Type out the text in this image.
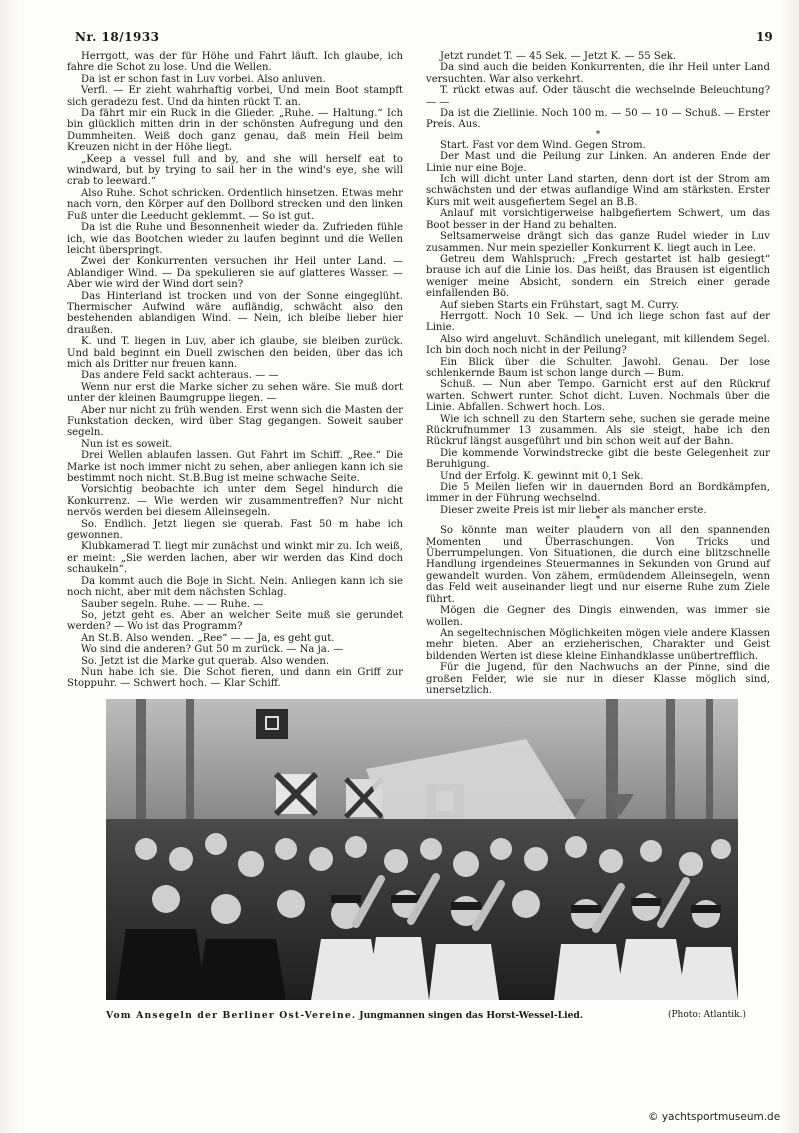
Nr. 18/1933	19

Herrgott, was der für Höhe und Fahrt läuft. Ich glaube, ich fahre die Schot zu lose. Und die Wellen.

Da ist er schon fast in Luv vorbei. Also anluven.

Verfl. — Er zieht wahrhaftig vorbei, Und mein Boot stampft sich geradezu fest. Und da hinten rückt T. an.

Da fährt mir ein Ruck in die Glieder. „Ruhe. — Haltung.“ Ich bin glücklich mitten drin in der schönsten Aufregung und den Dummheiten. Weiß doch ganz genau, daß mein Heil beim Kreuzen nicht in der Höhe liegt.

„Keep a vessel full and by, and she will herself eat to windward, but by trying to sail her in the wind's eye, she will crab to leeward.“

Also Ruhe. Schot schricken. Ordentlich hinsetzen. Etwas mehr nach vorn, den Körper auf den Dollbord strecken und den linken Fuß unter die Leeducht geklemmt. — So ist gut.

Da ist die Ruhe und Besonnenheit wieder da. Zufrieden fühle ich, wie das Bootchen wieder zu laufen beginnt und die Wellen leicht überspringt.

Zwei der Konkurrenten versuchen ihr Heil unter Land. — Ablandiger Wind. — Da spekulieren sie auf glatteres Wasser. — Aber wie wird der Wind dort sein?

Das Hinterland ist trocken und von der Sonne eingeglüht. Thermischer Aufwind wäre aufländig, schwächt also den bestehenden ablandigen Wind. — Nein, ich bleibe lieber hier draußen.

K. und T. liegen in Luv, aber ich glaube, sie bleiben zurück. Und bald beginnt ein Duell zwischen den beiden, über das ich mich als Dritter nur freuen kann.

Das andere Feld sackt achteraus. — —

Wenn nur erst die Marke sicher zu sehen wäre. Sie muß dort unter der kleinen Baumgruppe liegen. —

Aber nur nicht zu früh wenden. Erst wenn sich die Masten der Funkstation decken, wird über Stag gegangen. Soweit sauber segeln.

Nun ist es soweit.

Drei Wellen ablaufen lassen. Gut Fahrt im Schiff. „Ree.“ Die Marke ist noch immer nicht zu sehen, aber anliegen kann ich sie bestimmt noch nicht. St.B.Bug ist meine schwache Seite.

Vorsichtig beobachte ich unter dem Segel hindurch die Konkurrenz. — Wie werden wir zusammentreffen? Nur nicht nervös werden bei diesem Alleinsegeln.

So. Endlich. Jetzt liegen sie querab. Fast 50 m habe ich gewonnen.

Klubkamerad T. liegt mir zunächst und winkt mir zu. Ich weiß, er meint: „Sie werden lachen, aber wir werden das Kind doch schaukeln“.

Da kommt auch die Boje in Sicht. Nein. Anliegen kann ich sie noch nicht, aber mit dem nächsten Schlag.

Sauber segeln. Ruhe. — — Ruhe. —

So, jetzt geht es. Aber an welcher Seite muß sie gerundet werden? — Wo ist das Programm?

An St.B. Also wenden. „Ree“ — — Ja, es geht gut.

Wo sind die anderen? Gut 50 m zurück. — Na ja. —

So. Jetzt ist die Marke gut querab. Also wenden.

Nun habe ich sie. Die Schot fieren, und dann ein Griff zur Stoppuhr. — Schwert hoch. — Klar Schiff.

Jetzt rundet T. — 45 Sek. — Jetzt K. — 55 Sek.

Da sind auch die beiden Konkurrenten, die ihr Heil unter Land versuchten. War also verkehrt.

T. rückt etwas auf. Oder täuscht die wechselnde Beleuchtung? — —

Da ist die Ziellinie. Noch 100 m. — 50 — 10 — Schuß. — Erster Preis. Aus.

*

Start. Fast vor dem Wind. Gegen Strom.

Der Mast und die Peilung zur Linken. An anderen Ende der Linie nur eine Boje.

Ich will dicht unter Land starten, denn dort ist der Strom am schwächsten und der etwas auflandige Wind am stärksten. Erster Kurs mit weit ausgefiertem Segel an B.B.

Anlauf mit vorsichtigerweise halbgefiertem Schwert, um das Boot besser in der Hand zu behalten.

Seltsamerweise drängt sich das ganze Rudel wieder in Luv zusammen. Nur mein spezieller Konkurrent K. liegt auch in Lee.

Getreu dem Wahlspruch: „Frech gestartet ist halb gesiegt“ brause ich auf die Linie los. Das heißt, das Brausen ist eigentlich weniger meine Absicht, sondern ein Streich einer gerade einfallenden Bö.

Auf sieben Starts ein Frühstart, sagt M. Curry.

Herrgott. Noch 10 Sek. — Und ich liege schon fast auf der Linie.

Also wird angeluvt. Schändlich unelegant, mit killendem Segel. Ich bin doch noch nicht in der Peilung?

Ein Blick über die Schulter. Jawohl. Genau. Der lose schlenkernde Baum ist schon lange durch — Bum.

Schuß. — Nun aber Tempo. Garnicht erst auf den Rückruf warten. Schwert runter. Schot dicht. Luven. Nochmals über die Linie. Abfallen. Schwert hoch. Los.

Wie ich schnell zu den Startern sehe, suchen sie gerade meine Rückrufnummer 13 zusammen. Als sie steigt, habe ich den Rückruf längst ausgeführt und bin schon weit auf der Bahn.

Die kommende Vorwindstrecke gibt die beste Gelegenheit zur Beruhigung.

Und der Erfolg. K. gewinnt mit 0,1 Sek.

Die 5 Meilen liefen wir in dauernden Bord an Bordkämpfen, immer in der Führung wechselnd.

Dieser zweite Preis ist mir lieber als mancher erste.

*

So könnte man weiter plaudern von all den spannenden Momenten und Überraschungen. Von Tricks und Überrumpelungen. Von Situationen, die durch eine blitzschnelle Handlung irgendeines Steuermannes in Sekunden von Grund auf gewandelt wurden. Von zähem, ermüdendem Alleinsegeln, wenn das Feld weit auseinander liegt und nur eiserne Ruhe zum Ziele führt.

Mögen die Gegner des Dingis einwenden, was immer sie wollen.

An segeltechnischen Möglichkeiten mögen viele andere Klassen mehr bieten. Aber an erzieherischen, Charakter und Geist bildenden Werten ist diese kleine Einhandklasse unübertrefflich.

Für die Jugend, für den Nachwuchs an der Pinne, sind die großen Felder, wie sie nur in dieser Klasse möglich sind, unersetzlich.

Vom Ansegeln der Berliner Ost-Vereine. Jungmannen singen das Horst-Wessel-Lied.	(Photo: Atlantik.)
© yachtsportmuseum.de
